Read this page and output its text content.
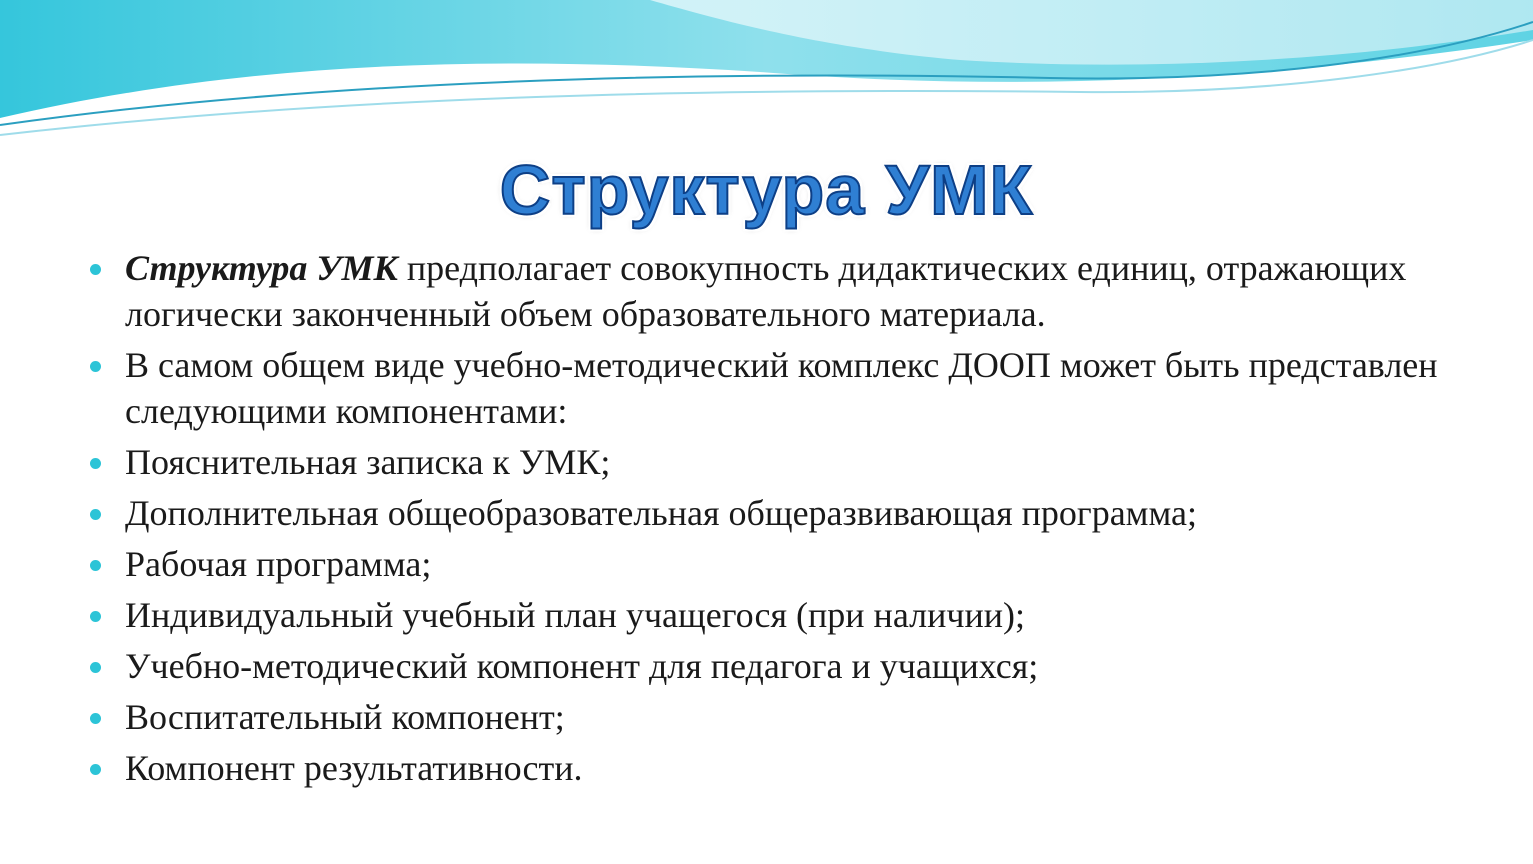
Структура УМК
Структура УМК предполагает совокупность дидактических единиц, отражающих логически законченный объем образовательного материала.
В самом общем виде учебно-методический комплекс ДООП может быть представлен следующими компонентами:
Пояснительная записка к УМК;
Дополнительная общеобразовательная общеразвивающая программа;
Рабочая программа;
Индивидуальный учебный план учащегося (при наличии);
Учебно-методический компонент для педагога и учащихся;
Воспитательный компонент;
Компонент результативности.
